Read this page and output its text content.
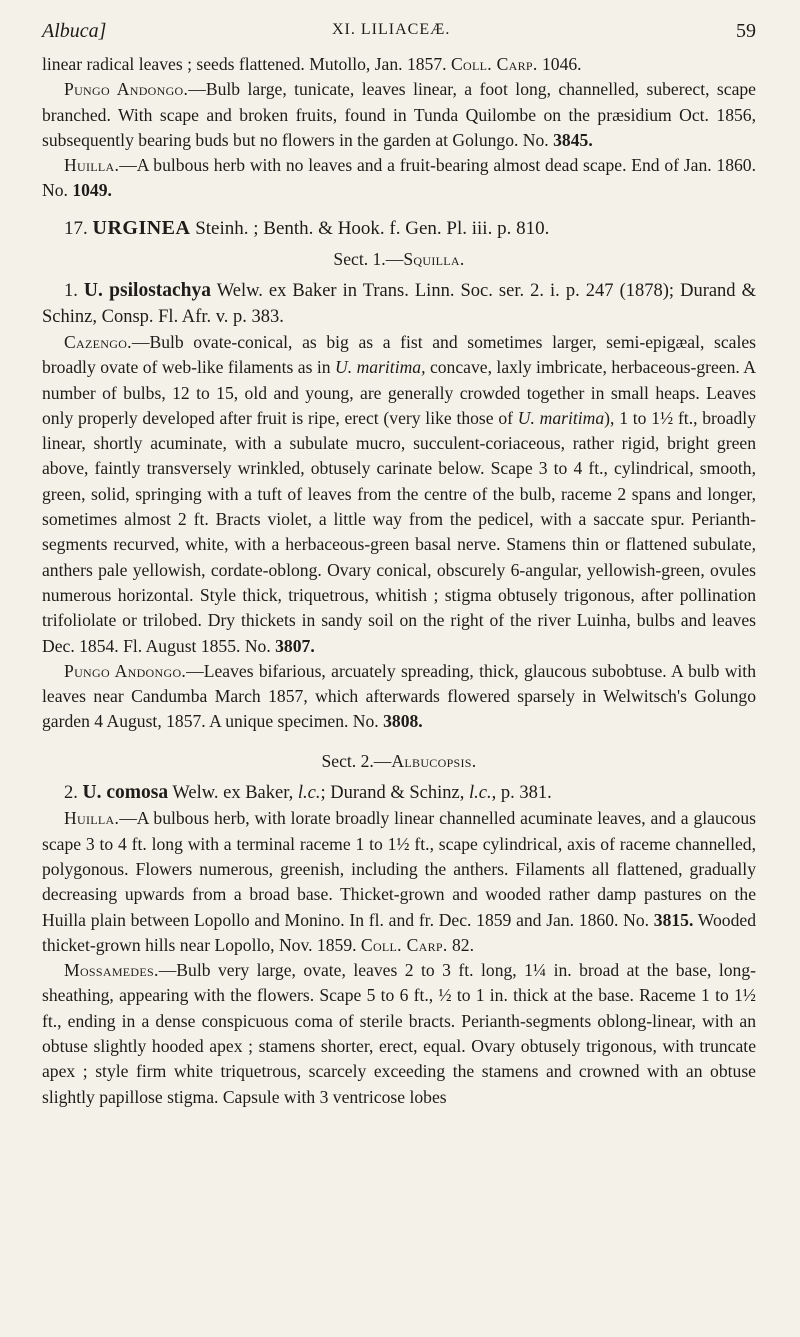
Albuca]	XI. LILIACEÆ.	59

linear radical leaves ; seeds flattened. Mutollo, Jan. 1857. Coll. Carp. 1046.

Pungo Andongo.—Bulb large, tunicate, leaves linear, a foot long, channelled, suberect, scape branched. With scape and broken fruits, found in Tunda Quilombe on the præsidium Oct. 1856, subsequently bearing buds but no flowers in the garden at Golungo. No. 3845.

Huilla.—A bulbous herb with no leaves and a fruit-bearing almost dead scape. End of Jan. 1860. No. 1049.

17. URGINEA Steinh. ; Benth. & Hook. f. Gen. Pl. iii. p. 810.

Sect. 1.—Squilla.

1. U. psilostachya Welw. ex Baker in Trans. Linn. Soc. ser. 2. i. p. 247 (1878); Durand & Schinz, Consp. Fl. Afr. v. p. 383.

Cazengo.—Bulb ovate-conical, as big as a fist and sometimes larger, semi-epigæal, scales broadly ovate of web-like filaments as in U. maritima, concave, laxly imbricate, herbaceous-green. A number of bulbs, 12 to 15, old and young, are generally crowded together in small heaps. Leaves only properly developed after fruit is ripe, erect (very like those of U. maritima), 1 to 1½ ft., broadly linear, shortly acuminate, with a subulate mucro, succulent-coriaceous, rather rigid, bright green above, faintly transversely wrinkled, obtusely carinate below. Scape 3 to 4 ft., cylindrical, smooth, green, solid, springing with a tuft of leaves from the centre of the bulb, raceme 2 spans and longer, sometimes almost 2 ft. Bracts violet, a little way from the pedicel, with a saccate spur. Perianth-segments recurved, white, with a herbaceous-green basal nerve. Stamens thin or flattened subulate, anthers pale yellowish, cordate-oblong. Ovary conical, obscurely 6-angular, yellowish-green, ovules numerous horizontal. Style thick, triquetrous, whitish ; stigma obtusely trigonous, after pollination trifoliolate or trilobed. Dry thickets in sandy soil on the right of the river Luinha, bulbs and leaves Dec. 1854. Fl. August 1855. No. 3807.

Pungo Andongo.—Leaves bifarious, arcuately spreading, thick, glaucous subobtuse. A bulb with leaves near Candumba March 1857, which afterwards flowered sparsely in Welwitsch's Golungo garden 4 August, 1857. A unique specimen. No. 3808.

Sect. 2.—Albucopsis.

2. U. comosa Welw. ex Baker, l.c.; Durand & Schinz, l.c., p. 381.

Huilla.—A bulbous herb, with lorate broadly linear channelled acuminate leaves, and a glaucous scape 3 to 4 ft. long with a terminal raceme 1 to 1½ ft., scape cylindrical, axis of raceme channelled, polygonous. Flowers numerous, greenish, including the anthers. Filaments all flattened, gradually decreasing upwards from a broad base. Thicket-grown and wooded rather damp pastures on the Huilla plain between Lopollo and Monino. In fl. and fr. Dec. 1859 and Jan. 1860. No. 3815. Wooded thicket-grown hills near Lopollo, Nov. 1859. Coll. Carp. 82.

Mossamedes.—Bulb very large, ovate, leaves 2 to 3 ft. long, 1¼ in. broad at the base, long-sheathing, appearing with the flowers. Scape 5 to 6 ft., ½ to 1 in. thick at the base. Raceme 1 to 1½ ft., ending in a dense conspicuous coma of sterile bracts. Perianth-segments oblong-linear, with an obtuse slightly hooded apex ; stamens shorter, erect, equal. Ovary obtusely trigonous, with truncate apex ; style firm white triquetrous, scarcely exceeding the stamens and crowned with an obtuse slightly papillose stigma. Capsule with 3 ventricose lobes
